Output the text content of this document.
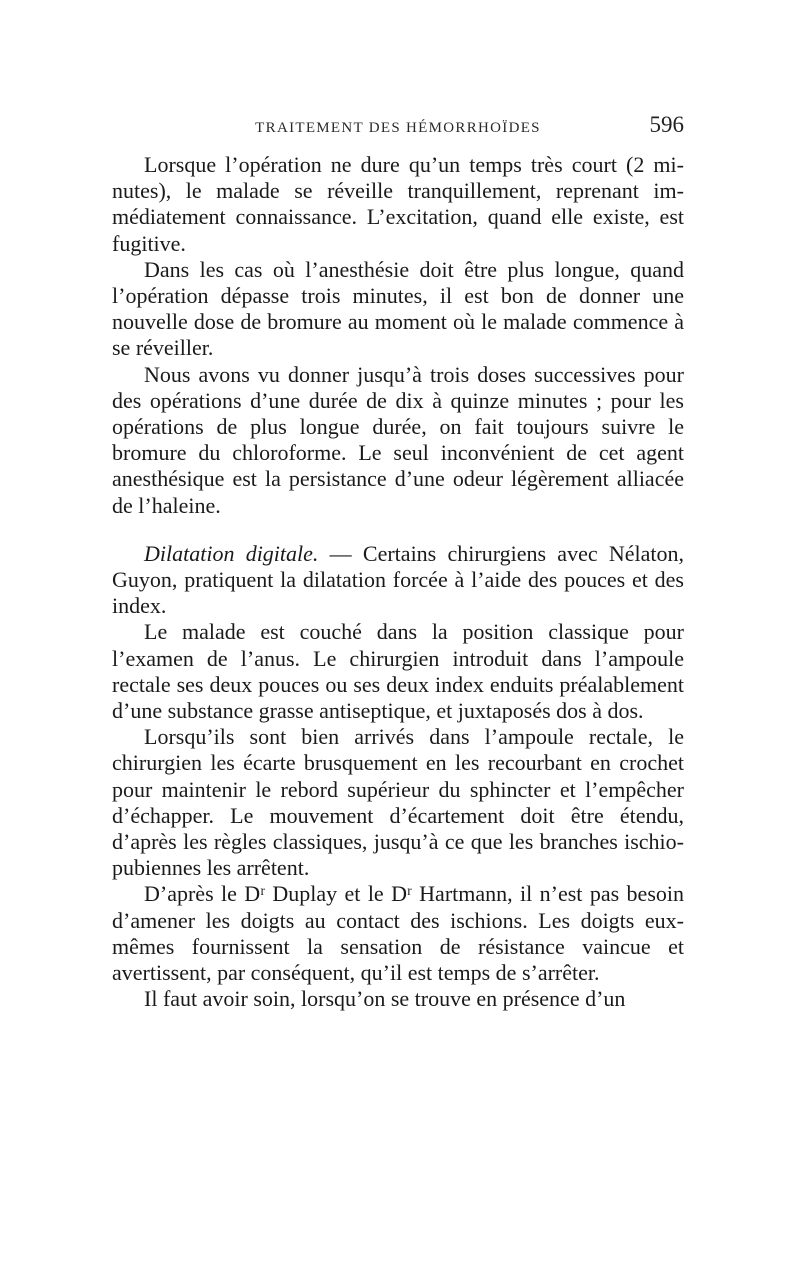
TRAITEMENT DES HÉMORRHOÏDES	596

Lorsque l’opération ne dure qu’un temps très court (2 minutes), le malade se réveille tranquillement, reprenant immédiatement connaissance. L’excitation, quand elle existe, est fugitive.

Dans les cas où l’anesthésie doit être plus longue, quand l’opération dépasse trois minutes, il est bon de donner une nouvelle dose de bromure au moment où le malade commence à se réveiller.

Nous avons vu donner jusqu’à trois doses successives pour des opérations d’une durée de dix à quinze minutes ; pour les opérations de plus longue durée, on fait toujours suivre le bromure du chloroforme. Le seul inconvénient de cet agent anesthésique est la persistance d’une odeur légèrement alliacée de l’haleine.

Dilatation digitale. — Certains chirurgiens avec Nélaton, Guyon, pratiquent la dilatation forcée à l’aide des pouces et des index.

Le malade est couché dans la position classique pour l’examen de l’anus. Le chirurgien introduit dans l’ampoule rectale ses deux pouces ou ses deux index enduits préalablement d’une substance grasse antiseptique, et juxtaposés dos à dos.

Lorsqu’ils sont bien arrivés dans l’ampoule rectale, le chirurgien les écarte brusquement en les recourbant en crochet pour maintenir le rebord supérieur du sphincter et l’empêcher d’échapper. Le mouvement d’écartement doit être étendu, d’après les règles classiques, jusqu’à ce que les branches ischio-pubiennes les arrêtent.

D’après le Dʳ Duplay et le Dʳ Hartmann, il n’est pas besoin d’amener les doigts au contact des ischions. Les doigts eux-mêmes fournissent la sensation de résistance vaincue et avertissent, par conséquent, qu’il est temps de s’arrêter.

Il faut avoir soin, lorsqu’on se trouve en présence d’un
